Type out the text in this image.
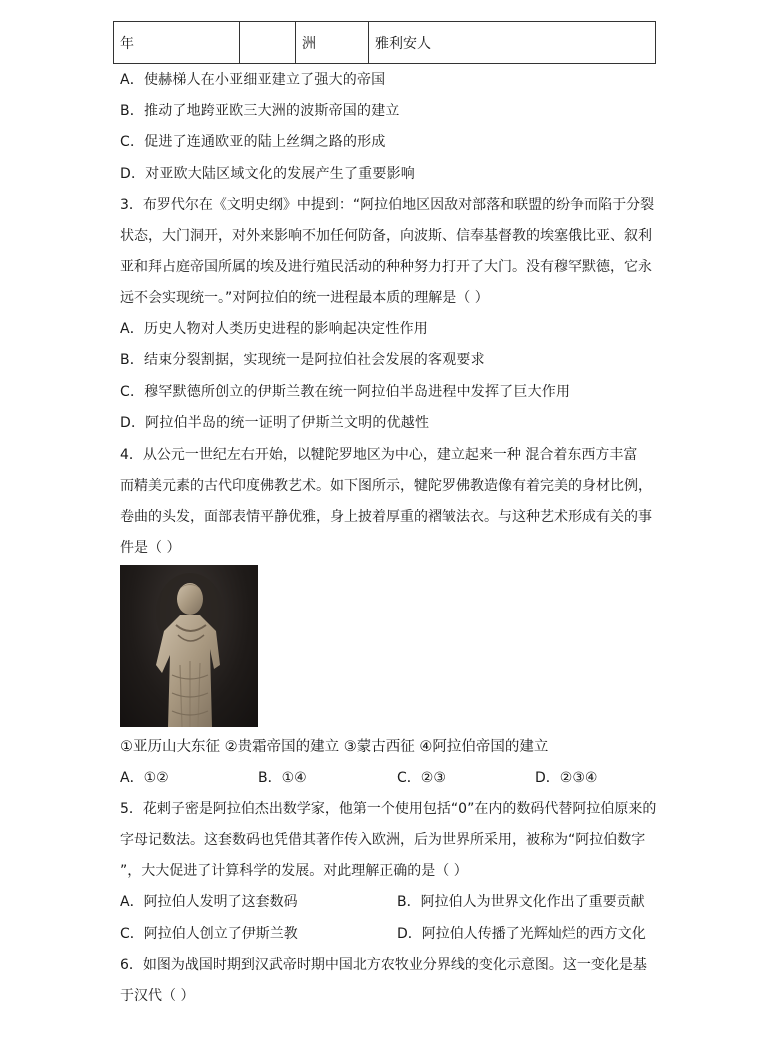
年		洲	雅利安人
A．使赫梯人在小亚细亚建立了强大的帝国
B．推动了地跨亚欧三大洲的波斯帝国的建立
C．促进了连通欧亚的陆上丝绸之路的形成
D．对亚欧大陆区域文化的发展产生了重要影响
3．布罗代尔在《文明史纲》中提到：“阿拉伯地区因敌对部落和联盟的纷争而陷于分裂
状态，大门洞开，对外来影响不加任何防备，向波斯、信奉基督教的埃塞俄比亚、叙利
亚和拜占庭帝国所属的埃及进行殖民活动的种种努力打开了大门。没有穆罕默德，它永
远不会实现统一。”对阿拉伯的统一进程最本质的理解是（ ）
A．历史人物对人类历史进程的影响起决定性作用
B．结束分裂割据，实现统一是阿拉伯社会发展的客观要求
C．穆罕默德所创立的伊斯兰教在统一阿拉伯半岛进程中发挥了巨大作用
D．阿拉伯半岛的统一证明了伊斯兰文明的优越性
4．从公元一世纪左右开始，以犍陀罗地区为中心，建立起来一种 混合着东西方丰富
而精美元素的古代印度佛教艺术。如下图所示，犍陀罗佛教造像有着完美的身材比例，
卷曲的头发，面部表情平静优雅，身上披着厚重的褶皱法衣。与这种艺术形成有关的事
件是（ ）
①亚历山大东征 ②贵霜帝国的建立 ③蒙古西征 ④阿拉伯帝国的建立
A．①②	B．①④	C．②③	D．②③④
5．花剌子密是阿拉伯杰出数学家，他第一个使用包括“0”在内的数码代替阿拉伯原来的
字母记数法。这套数码也凭借其著作传入欧洲，后为世界所采用，被称为“阿拉伯数字
”，大大促进了计算科学的发展。对此理解正确的是（ ）
A．阿拉伯人发明了这套数码	B．阿拉伯人为世界文化作出了重要贡献
C．阿拉伯人创立了伊斯兰教	D．阿拉伯人传播了光辉灿烂的西方文化
6．如图为战国时期到汉武帝时期中国北方农牧业分界线的变化示意图。这一变化是基
于汉代（ ）
